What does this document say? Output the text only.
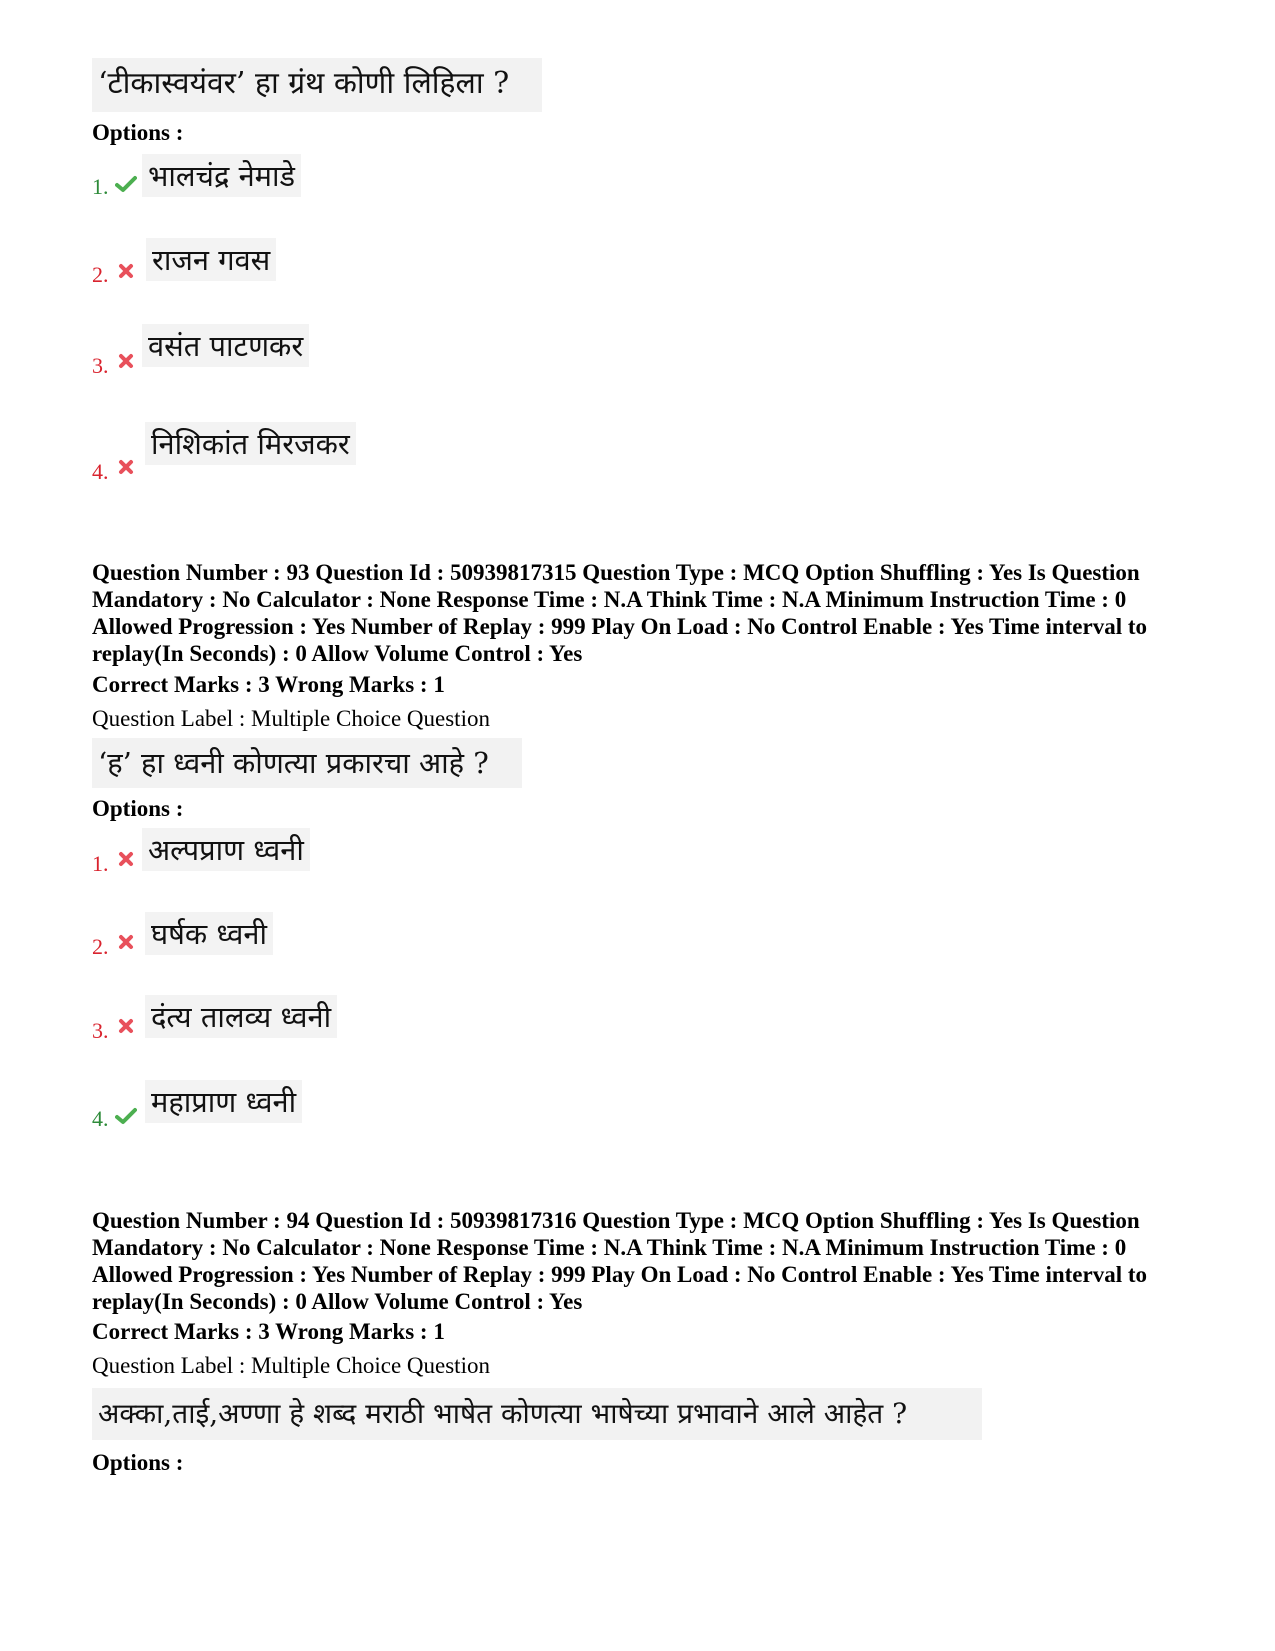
‘टीकास्वयंवर’ हा ग्रंथ कोणी लिहिला ?
Options :
1. भालचंद्र नेमाडे
2. राजन गवस
3.
वसंत पाटणकर
4.
निशिकांत मिरजकर
Question Number : 93 Question Id : 50939817315 Question Type : MCQ Option Shuffling : Yes Is Question Mandatory : No Calculator : None Response Time : N.A Think Time : N.A Minimum Instruction Time : 0 Allowed Progression : Yes Number of Replay : 999 Play On Load : No Control Enable : Yes Time interval to replay(In Seconds) : 0 Allow Volume Control : Yes
Correct Marks : 3 Wrong Marks : 1
Question Label : Multiple Choice Question
‘ह’ हा ध्वनी कोणत्या प्रकारचा आहे ?
Options :
1. अल्पप्राण ध्वनी
2. घर्षक ध्वनी
3. दंत्य तालव्य ध्वनी
4. महाप्राण ध्वनी
Question Number : 94 Question Id : 50939817316 Question Type : MCQ Option Shuffling : Yes Is Question Mandatory : No Calculator : None Response Time : N.A Think Time : N.A Minimum Instruction Time : 0 Allowed Progression : Yes Number of Replay : 999 Play On Load : No Control Enable : Yes Time interval to replay(In Seconds) : 0 Allow Volume Control : Yes
Correct Marks : 3 Wrong Marks : 1
Question Label : Multiple Choice Question
अक्का,ताई,अण्णा हे शब्द मराठी भाषेत कोणत्या भाषेच्या प्रभावाने आले आहेत ?
Options :
